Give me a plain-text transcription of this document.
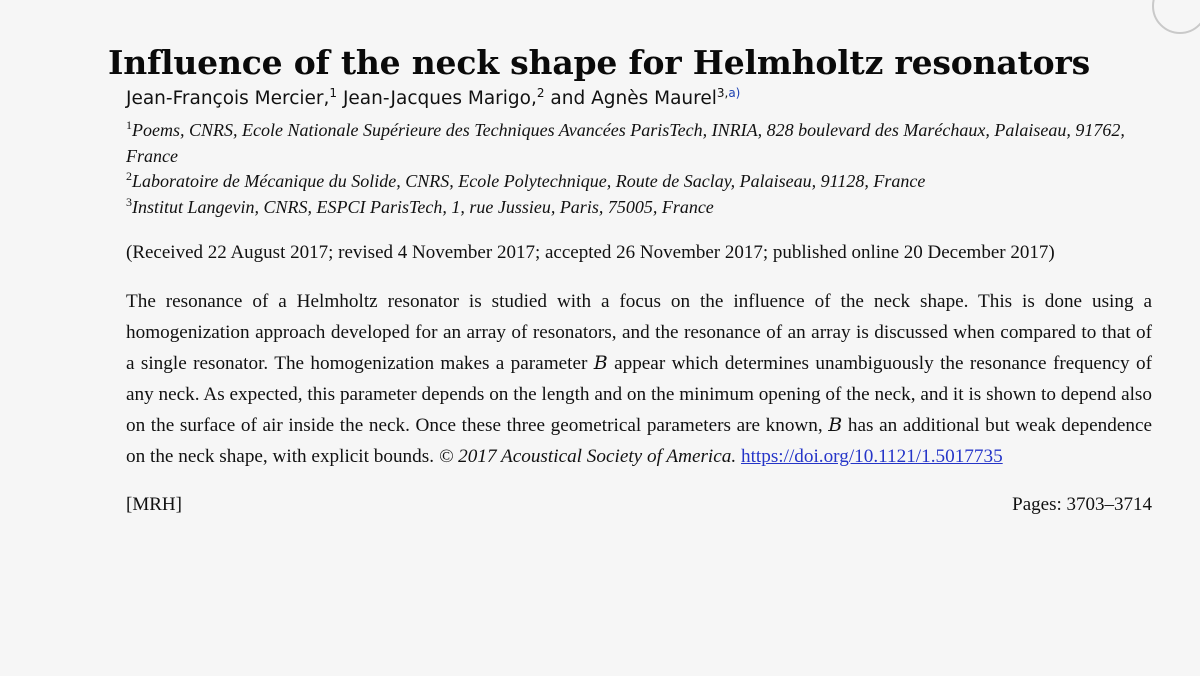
Influence of the neck shape for Helmholtz resonators
Jean-François Mercier,$^1$ Jean-Jacques Marigo,$^2$ and Agnès Maurel$^{3,a)}$

$^1$Poems, CNRS, Ecole Nationale Supérieure des Techniques Avancées ParisTech, INRIA, 828 boulevard des Maréchaux, Palaiseau, 91762, France

$^2$Laboratoire de Mécanique du Solide, CNRS, Ecole Polytechnique, Route de Saclay, Palaiseau, 91128, France

$^3$Institut Langevin, CNRS, ESPCI ParisTech, 1, rue Jussieu, Paris, 75005, France

(Received 22 August 2017; revised 4 November 2017; accepted 26 November 2017; published online 20 December 2017)
The resonance of a Helmholtz resonator is studied with a focus on the influence of the neck shape. This is done using a homogenization approach developed for an array of resonators, and the resonance of an array is discussed when compared to that of a single resonator. The homogenization makes a parameter B appear which determines unambiguously the resonance frequency of any neck. As expected, this parameter depends on the length and on the minimum opening of the neck, and it is shown to depend also on the surface of air inside the neck. Once these three geometrical parameters are known, B has an additional but weak dependence on the neck shape, with explicit bounds. © 2017 Acoustical Society of America. https://doi.org/10.1121/1.5017735
[MRH]	Pages: 3703–3714
